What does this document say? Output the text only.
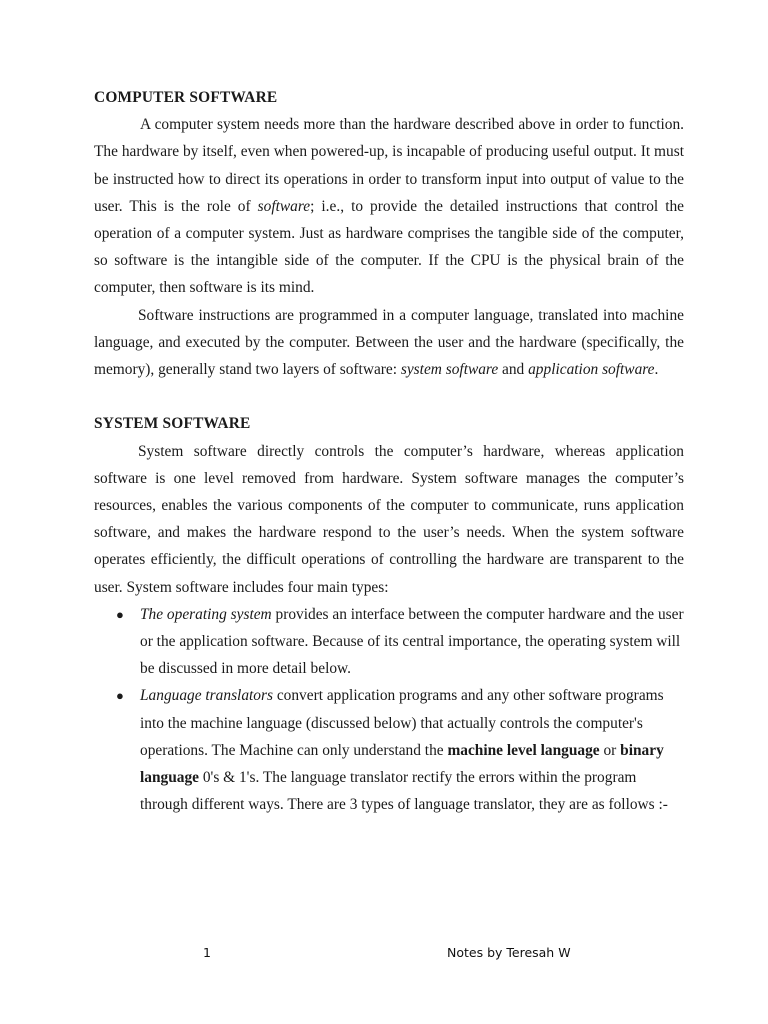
COMPUTER SOFTWARE

A computer system needs more than the hardware described above in order to function. The hardware by itself, even when powered-up, is incapable of producing useful output. It must be instructed how to direct its operations in order to transform input into output of value to the user. This is the role of software; i.e., to provide the detailed instructions that control the operation of a computer system. Just as hardware comprises the tangible side of the computer, so software is the intangible side of the computer. If the CPU is the physical brain of the computer, then software is its mind.

Software instructions are programmed in a computer language, translated into machine language, and executed by the computer. Between the user and the hardware (specifically, the memory), generally stand two layers of software: system software and application software.

SYSTEM SOFTWARE

System software directly controls the computer’s hardware, whereas application software is one level removed from hardware. System software manages the computer’s resources, enables the various components of the computer to communicate, runs application software, and makes the hardware respond to the user’s needs. When the system software operates efficiently, the difficult operations of controlling the hardware are transparent to the user. System software includes four main types:

● The operating system provides an interface between the computer hardware and the user or the application software. Because of its central importance, the operating system will be discussed in more detail below.
● Language translators convert application programs and any other software programs into the machine language (discussed below) that actually controls the computer's operations. The Machine can only understand the machine level language or binary language 0's & 1's. The language translator rectify the errors within the program through different ways. There are 3 types of language translator, they are as follows :-
1	Notes by Teresah W
